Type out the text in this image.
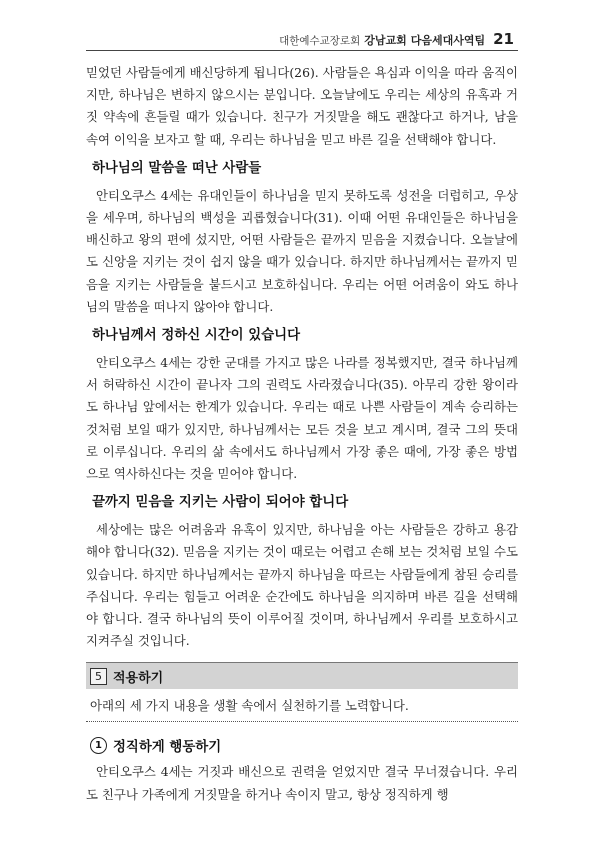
대한예수교장로회 강남교회 다음세대사역팀 21

믿었던 사람들에게 배신당하게 됩니다(26). 사람들은 욕심과 이익을 따라 움직이지만, 하나님은 변하지 않으시는 분입니다. 오늘날에도 우리는 세상의 유혹과 거짓 약속에 흔들릴 때가 있습니다. 친구가 거짓말을 해도 괜찮다고 하거나, 남을 속여 이익을 보자고 할 때, 우리는 하나님을 믿고 바른 길을 선택해야 합니다.

하나님의 말씀을 떠난 사람들

안티오쿠스 4세는 유대인들이 하나님을 믿지 못하도록 성전을 더럽히고, 우상을 세우며, 하나님의 백성을 괴롭혔습니다(31). 이때 어떤 유대인들은 하나님을 배신하고 왕의 편에 섰지만, 어떤 사람들은 끝까지 믿음을 지켰습니다. 오늘날에도 신앙을 지키는 것이 쉽지 않을 때가 있습니다. 하지만 하나님께서는 끝까지 믿음을 지키는 사람들을 붙드시고 보호하십니다. 우리는 어떤 어려움이 와도 하나님의 말씀을 떠나지 않아야 합니다.

하나님께서 정하신 시간이 있습니다

안티오쿠스 4세는 강한 군대를 가지고 많은 나라를 정복했지만, 결국 하나님께서 허락하신 시간이 끝나자 그의 권력도 사라졌습니다(35). 아무리 강한 왕이라도 하나님 앞에서는 한계가 있습니다. 우리는 때로 나쁜 사람들이 계속 승리하는 것처럼 보일 때가 있지만, 하나님께서는 모든 것을 보고 계시며, 결국 그의 뜻대로 이루십니다. 우리의 삶 속에서도 하나님께서 가장 좋은 때에, 가장 좋은 방법으로 역사하신다는 것을 믿어야 합니다.

끝까지 믿음을 지키는 사람이 되어야 합니다

세상에는 많은 어려움과 유혹이 있지만, 하나님을 아는 사람들은 강하고 용감해야 합니다(32). 믿음을 지키는 것이 때로는 어렵고 손해 보는 것처럼 보일 수도 있습니다. 하지만 하나님께서는 끝까지 하나님을 따르는 사람들에게 참된 승리를 주십니다. 우리는 힘들고 어려운 순간에도 하나님을 의지하며 바른 길을 선택해야 합니다. 결국 하나님의 뜻이 이루어질 것이며, 하나님께서 우리를 보호하시고 지켜주실 것입니다.

5 적용하기
아래의 세 가지 내용을 생활 속에서 실천하기를 노력합니다.
1 정직하게 행동하기

안티오쿠스 4세는 거짓과 배신으로 권력을 얻었지만 결국 무너졌습니다. 우리도 친구나 가족에게 거짓말을 하거나 속이지 말고, 항상 정직하게 행
